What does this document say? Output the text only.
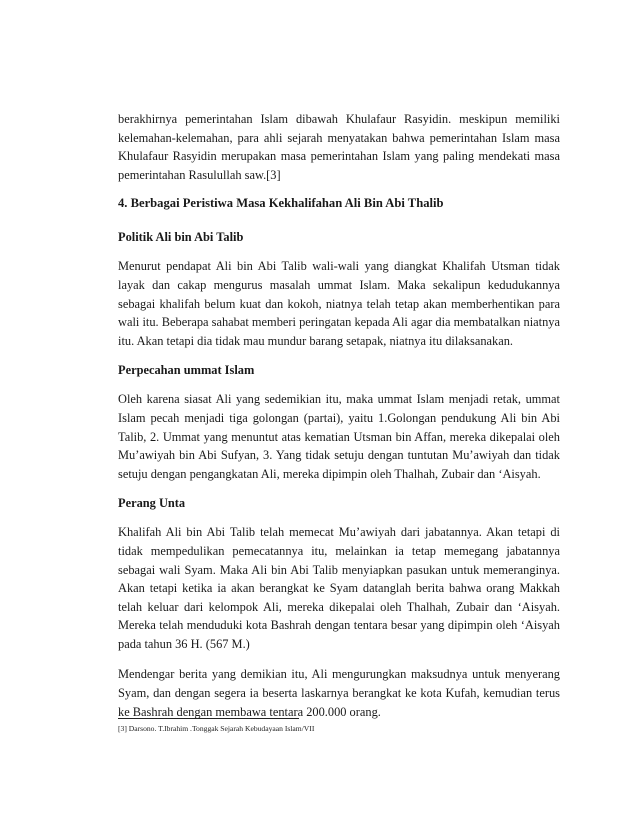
berakhirnya pemerintahan Islam dibawah Khulafaur Rasyidin. meskipun memiliki kelemahan-kelemahan, para ahli sejarah menyatakan bahwa pemerintahan Islam masa Khulafaur Rasyidin merupakan masa pemerintahan Islam yang paling mendekati masa pemerintahan Rasulullah saw.[3]

4. Berbagai Peristiwa Masa Kekhalifahan Ali Bin Abi Thalib
Politik Ali bin Abi Talib

Menurut pendapat Ali bin Abi Talib wali-wali yang diangkat Khalifah Utsman tidak layak dan cakap mengurus masalah ummat Islam. Maka sekalipun kedudukannya sebagai khalifah belum kuat dan kokoh, niatnya telah tetap akan memberhentikan para wali itu. Beberapa sahabat memberi peringatan kepada Ali agar dia membatalkan niatnya itu. Akan tetapi dia tidak mau mundur barang setapak, niatnya itu dilaksanakan.

Perpecahan ummat Islam

Oleh karena siasat Ali yang sedemikian itu, maka ummat Islam menjadi retak, ummat Islam pecah menjadi tiga golongan (partai), yaitu 1.Golongan pendukung Ali bin Abi Talib, 2. Ummat yang menuntut atas kematian Utsman bin Affan, mereka dikepalai oleh Mu’awiyah bin Abi Sufyan, 3. Yang tidak setuju dengan tuntutan Mu’awiyah dan tidak setuju dengan pengangkatan Ali, mereka dipimpin oleh Thalhah, Zubair dan ‘Aisyah.

Perang Unta

Khalifah Ali bin Abi Talib telah memecat Mu’awiyah dari jabatannya. Akan tetapi di tidak mempedulikan pemecatannya itu, melainkan ia tetap memegang jabatannya sebagai wali Syam. Maka Ali bin Abi Talib menyiapkan pasukan untuk memeranginya. Akan tetapi ketika ia akan berangkat ke Syam datanglah berita bahwa orang Makkah telah keluar dari kelompok Ali, mereka dikepalai oleh Thalhah, Zubair dan ‘Aisyah. Mereka telah menduduki kota Bashrah dengan tentara besar yang dipimpin oleh ‘Aisyah pada tahun 36 H. (567 M.)

Mendengar berita yang demikian itu, Ali mengurungkan maksudnya untuk menyerang Syam, dan dengan segera ia beserta laskarnya berangkat ke kota Kufah, kemudian terus ke Bashrah dengan membawa tentara 200.000 orang.

[3] Darsono. T.Ibrahim .Tonggak Sejarah Kebudayaan Islam/VII
